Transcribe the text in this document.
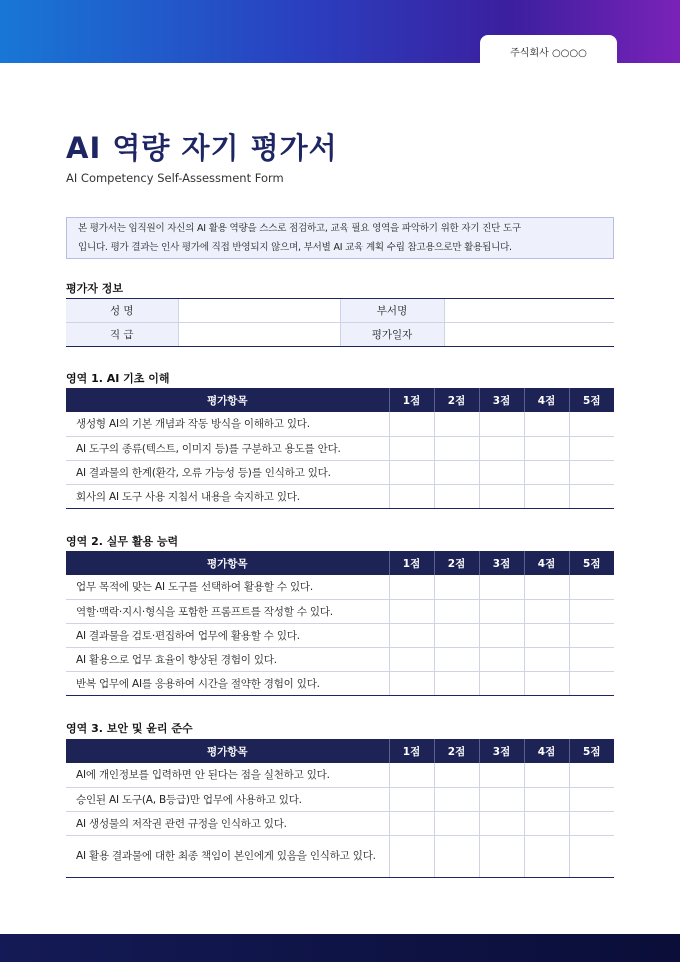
주식회사 ○○○○
AI 역량 자기 평가서
AI Competency Self-Assessment Form
본 평가서는 임직원이 자신의 AI 활용 역량을 스스로 점검하고, 교육 필요 영역을 파악하기 위한 자기 진단 도구
입니다. 평가 결과는 인사 평가에 직접 반영되지 않으며, 부서별 AI 교육 계획 수립 참고용으로만 활용됩니다.
평가자 정보
성 명		부서명	
직 급		평가일자	
영역 1. AI 기초 이해
평가항목	1점	2점	3점	4점	5점
생성형 AI의 기본 개념과 작동 방식을 이해하고 있다.					
AI 도구의 종류(텍스트, 이미지 등)를 구분하고 용도를 안다.					
AI 결과물의 한계(환각, 오류 가능성 등)를 인식하고 있다.					
회사의 AI 도구 사용 지침서 내용을 숙지하고 있다.					
영역 2. 실무 활용 능력
평가항목	1점	2점	3점	4점	5점
업무 목적에 맞는 AI 도구를 선택하여 활용할 수 있다.					
역할·맥락·지시·형식을 포함한 프롬프트를 작성할 수 있다.					
AI 결과물을 검토·편집하여 업무에 활용할 수 있다.					
AI 활용으로 업무 효율이 향상된 경험이 있다.					
반복 업무에 AI를 응용하여 시간을 절약한 경험이 있다.					
영역 3. 보안 및 윤리 준수
평가항목	1점	2점	3점	4점	5점
AI에 개인정보를 입력하면 안 된다는 점을 실천하고 있다.					
승인된 AI 도구(A, B등급)만 업무에 사용하고 있다.					
AI 생성물의 저작권 관련 규정을 인식하고 있다.					
AI 활용 결과물에 대한 최종 책임이 본인에게 있음을 인식하고 있다.					
